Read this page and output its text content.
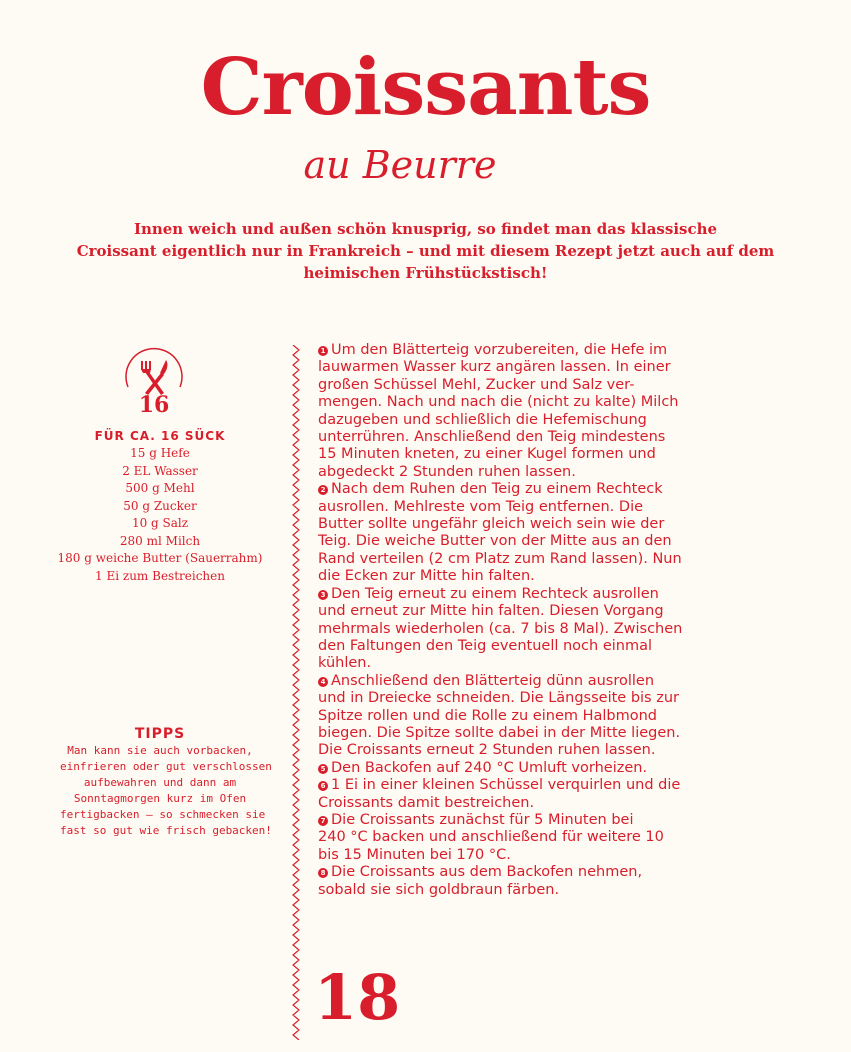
Croissants
au Beurre
Innen weich und außen schön knusprig, so findet man das klassische
Croissant eigentlich nur in Frankreich – und mit diesem Rezept jetzt auch auf dem
heimischen Frühstückstisch!
16
FÜR CA. 16 SÜCK
15 g Hefe
2 EL Wasser
500 g Mehl
50 g Zucker
10 g Salz
280 ml Milch
180 g weiche Butter (Sauerrahm)
1 Ei zum Bestreichen
TIPPS
Man kann sie auch vorbacken,
einfrieren oder gut verschlossen
aufbewahren und dann am
Sonntagmorgen kurz im Ofen
fertigbacken – so schmecken sie
fast so gut wie frisch gebacken!
1 Um den Blätterteig vorzubereiten, die Hefe im
lauwarmen Wasser kurz angären lassen. In einer
großen Schüssel Mehl, Zucker und Salz ver-
mengen. Nach und nach die (nicht zu kalte) Milch
dazugeben und schließlich die Hefemischung
unterrühren. Anschließend den Teig mindestens
15 Minuten kneten, zu einer Kugel formen und
abgedeckt 2 Stunden ruhen lassen.
2 Nach dem Ruhen den Teig zu einem Rechteck
ausrollen. Mehlreste vom Teig entfernen. Die
Butter sollte ungefähr gleich weich sein wie der
Teig. Die weiche Butter von der Mitte aus an den
Rand verteilen (2 cm Platz zum Rand lassen). Nun
die Ecken zur Mitte hin falten.
3 Den Teig erneut zu einem Rechteck ausrollen
und erneut zur Mitte hin falten. Diesen Vorgang
mehrmals wiederholen (ca. 7 bis 8 Mal). Zwischen
den Faltungen den Teig eventuell noch einmal
kühlen.
4 Anschließend den Blätterteig dünn ausrollen
und in Dreiecke schneiden. Die Längsseite bis zur
Spitze rollen und die Rolle zu einem Halbmond
biegen. Die Spitze sollte dabei in der Mitte liegen.
Die Croissants erneut 2 Stunden ruhen lassen.
5 Den Backofen auf 240 °C Umluft vorheizen.
6 1 Ei in einer kleinen Schüssel verquirlen und die
Croissants damit bestreichen.
7 Die Croissants zunächst für 5 Minuten bei
240 °C backen und anschließend für weitere 10
bis 15 Minuten bei 170 °C.
8 Die Croissants aus dem Backofen nehmen,
sobald sie sich goldbraun färben.
18
